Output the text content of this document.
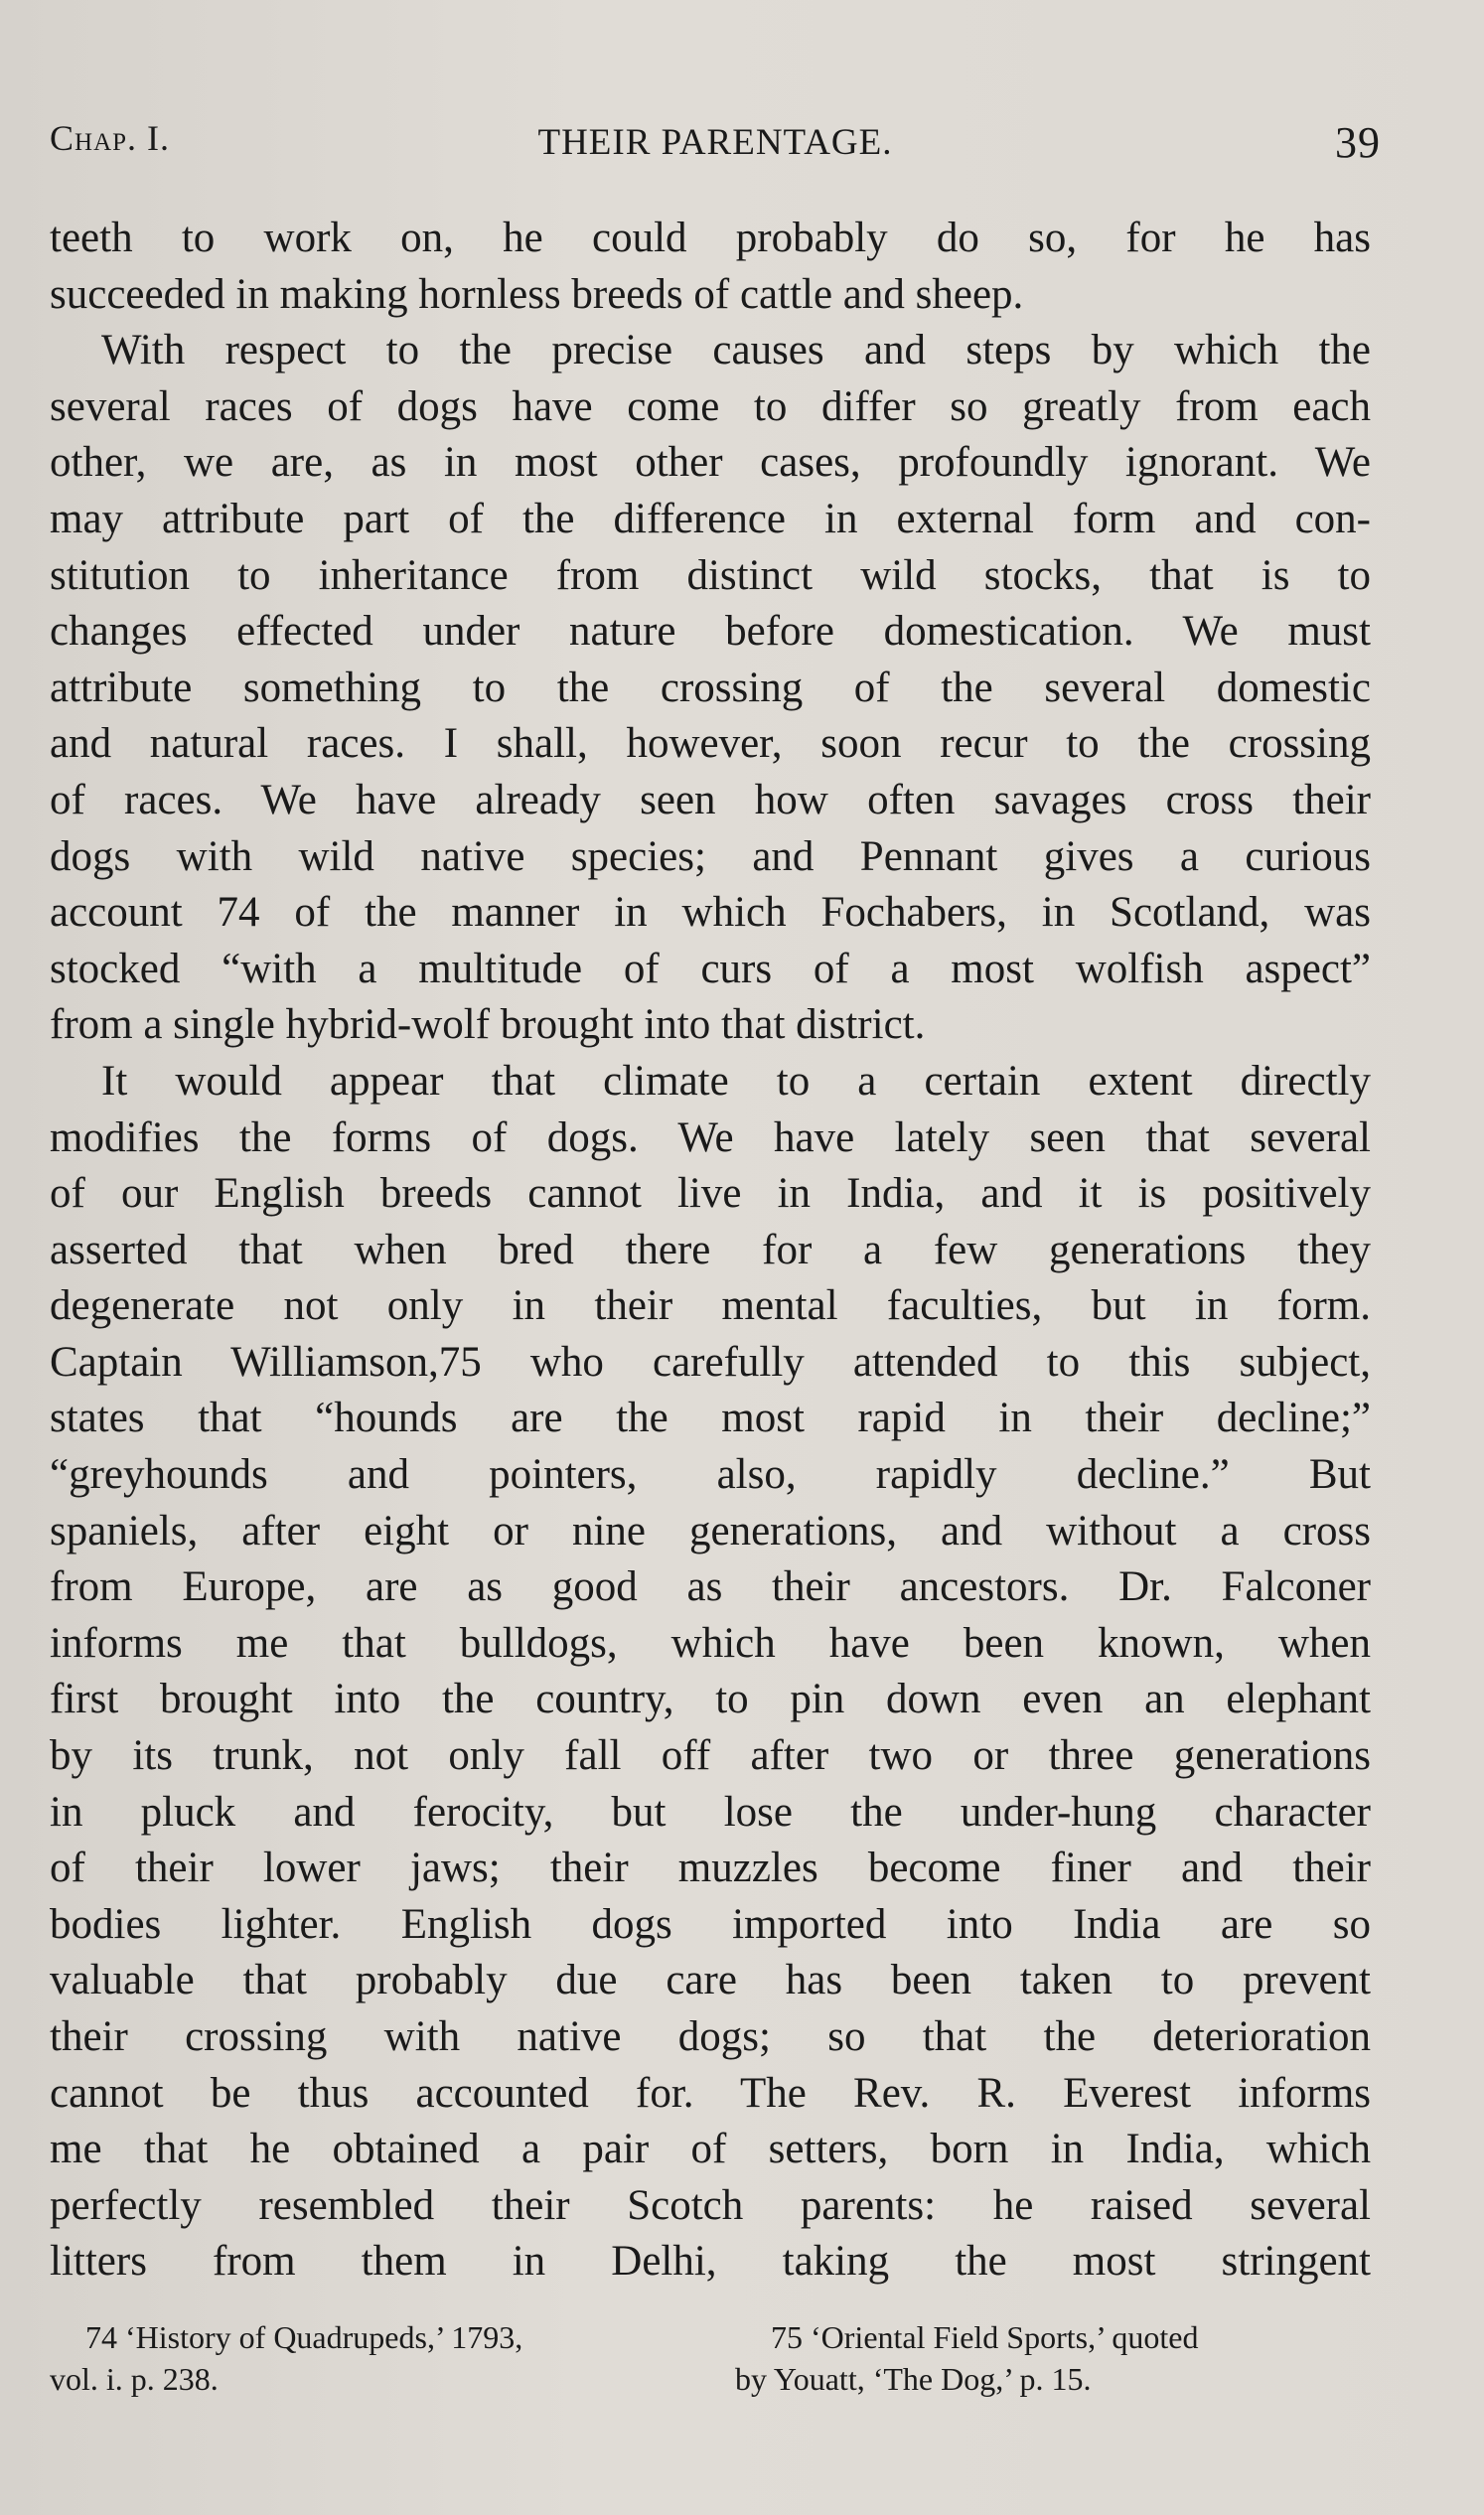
Chap. I.	THEIR PARENTAGE.	39
teeth to work on, he could probably do so, for he has
succeeded in making hornless breeds of cattle and sheep.
With respect to the precise causes and steps by which the
several races of dogs have come to differ so greatly from each
other, we are, as in most other cases, profoundly ignorant. We
may attribute part of the difference in external form and con-
stitution to inheritance from distinct wild stocks, that is to
changes effected under nature before domestication. We must
attribute something to the crossing of the several domestic
and natural races. I shall, however, soon recur to the crossing
of races. We have already seen how often savages cross their
dogs with wild native species; and Pennant gives a curious
account 74 of the manner in which Fochabers, in Scotland, was
stocked “with a multitude of curs of a most wolfish aspect”
from a single hybrid-wolf brought into that district.
It would appear that climate to a certain extent directly
modifies the forms of dogs. We have lately seen that several
of our English breeds cannot live in India, and it is positively
asserted that when bred there for a few generations they
degenerate not only in their mental faculties, but in form.
Captain Williamson,75 who carefully attended to this subject,
states that “hounds are the most rapid in their decline;”
“greyhounds and pointers, also, rapidly decline.” But
spaniels, after eight or nine generations, and without a cross
from Europe, are as good as their ancestors. Dr. Falconer
informs me that bulldogs, which have been known, when
first brought into the country, to pin down even an elephant
by its trunk, not only fall off after two or three generations
in pluck and ferocity, but lose the under-hung character
of their lower jaws; their muzzles become finer and their
bodies lighter. English dogs imported into India are so
valuable that probably due care has been taken to prevent
their crossing with native dogs; so that the deterioration
cannot be thus accounted for. The Rev. R. Everest informs
me that he obtained a pair of setters, born in India, which
perfectly resembled their Scotch parents: he raised several
litters from them in Delhi, taking the most stringent
74 ‘History of Quadrupeds,’ 1793,
vol. i. p. 238.
75 ‘Oriental Field Sports,’ quoted
by Youatt, ‘The Dog,’ p. 15.
